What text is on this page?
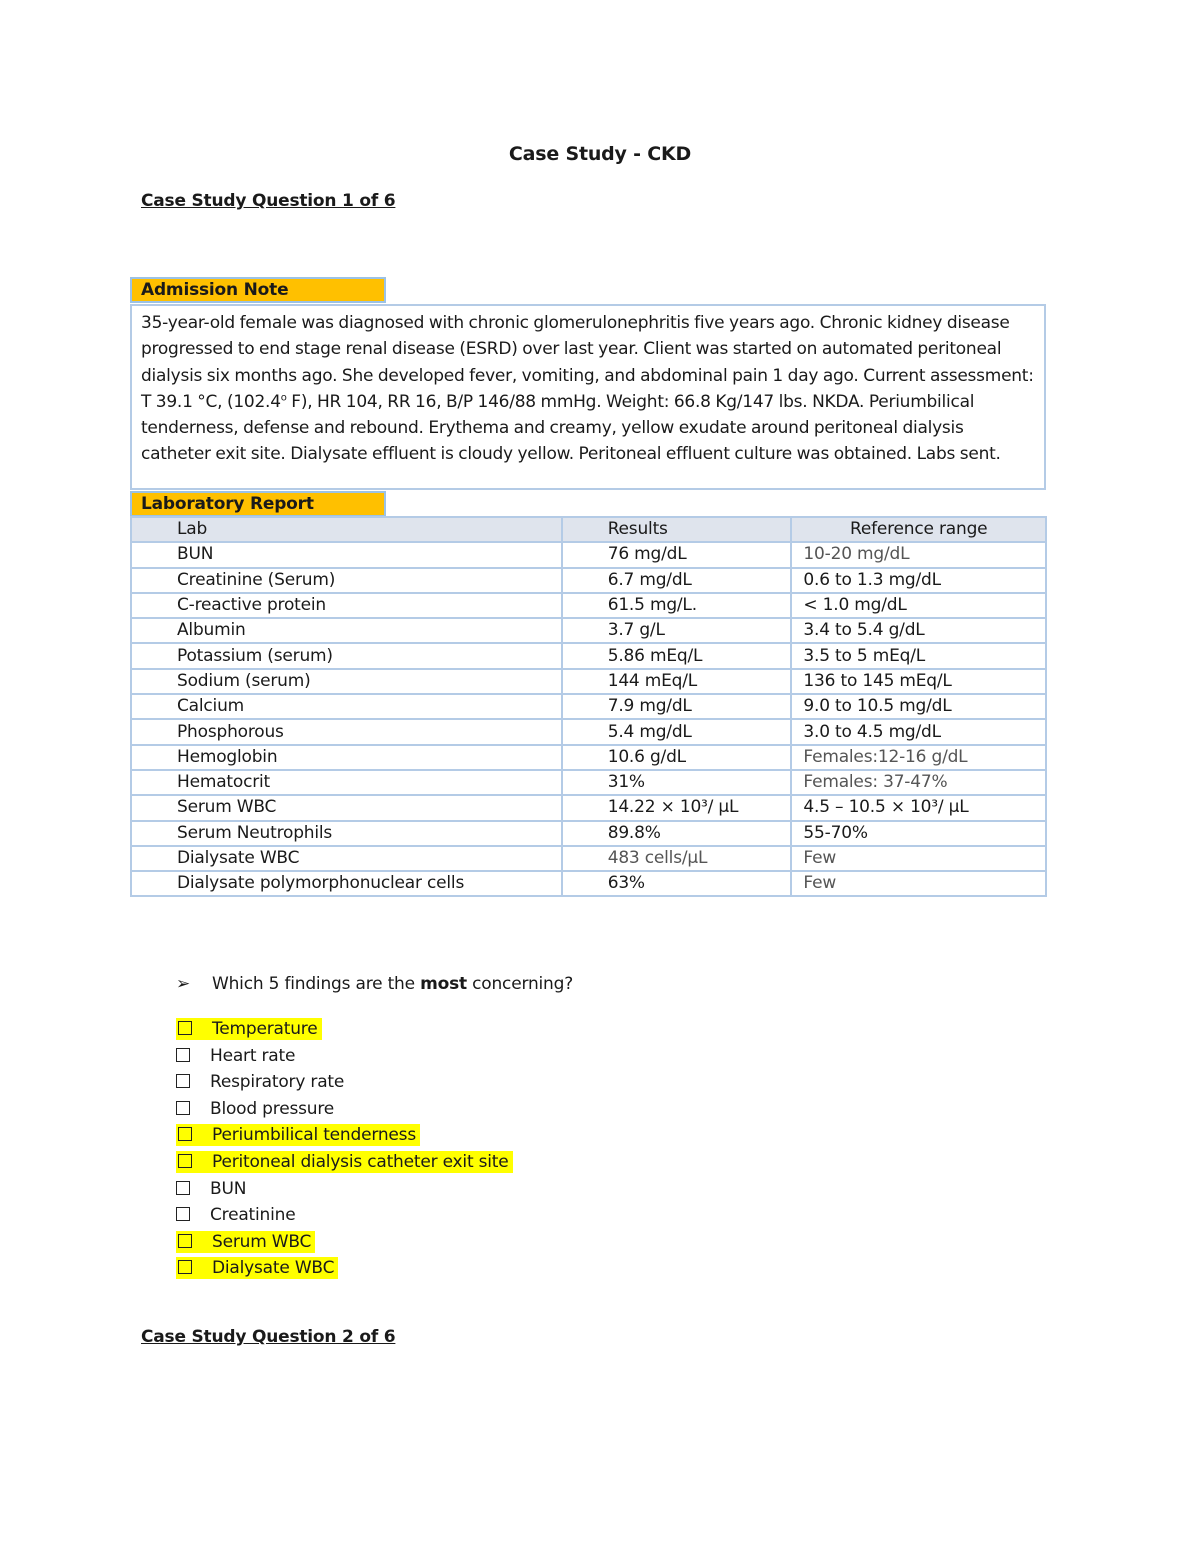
Case Study - CKD
Case Study Question 1 of 6
Admission Note
35-year-old female was diagnosed with chronic glomerulonephritis five years ago. Chronic kidney disease progressed to end stage renal disease (ESRD) over last year. Client was started on automated peritoneal dialysis six months ago. She developed fever, vomiting, and abdominal pain 1 day ago. Current assessment: T 39.1 °C, (102.4$^o$ F), HR 104, RR 16, B/P 146/88 mmHg. Weight: 66.8 Kg/147 lbs. NKDA. Periumbilical tenderness, defense and rebound. Erythema and creamy, yellow exudate around peritoneal dialysis catheter exit site. Dialysate effluent is cloudy yellow. Peritoneal effluent culture was obtained. Labs sent.
Laboratory Report
Lab	Results	Reference range
BUN	76 mg/dL	10-20 mg/dL
Creatinine (Serum)	6.7 mg/dL	0.6 to 1.3 mg/dL
C-reactive protein	61.5 mg/L.	< 1.0 mg/dL
Albumin	3.7 g/L	3.4 to 5.4 g/dL
Potassium (serum)	5.86 mEq/L	3.5 to 5 mEq/L
Sodium (serum)	144 mEq/L	136 to 145 mEq/L
Calcium	7.9 mg/dL	9.0 to 10.5 mg/dL
Phosphorous	5.4 mg/dL	3.0 to 4.5 mg/dL
Hemoglobin	10.6 g/dL	Females:12-16 g/dL
Hematocrit	31%	Females: 37-47%
Serum WBC	14.22 × 10³/ µL	4.5 – 10.5 × 10³/ µL
Serum Neutrophils	89.8%	55-70%
Dialysate WBC	483 cells/µL	Few
Dialysate polymorphonuclear cells	63%	Few
➢ Which 5 findings are the most concerning?
Temperature
Heart rate
Respiratory rate
Blood pressure
Periumbilical tenderness
Peritoneal dialysis catheter exit site
BUN
Creatinine
Serum WBC
Dialysate WBC
Case Study Question 2 of 6
